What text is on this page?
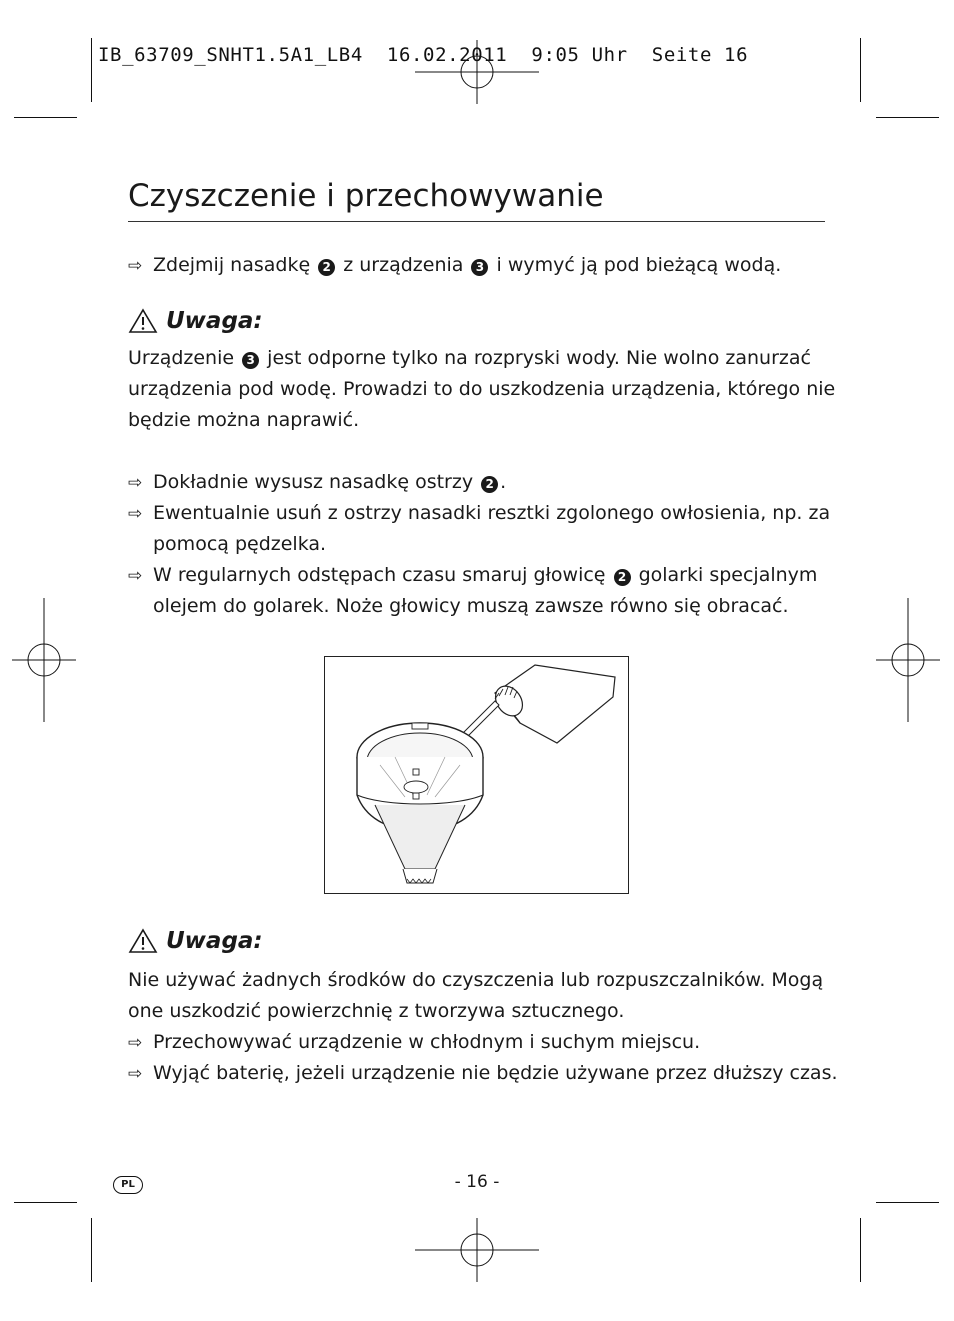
IB_63709_SNHT1.5A1_LB4  16.02.2011  9:05 Uhr  Seite 16
Czyszczenie i przechowywanie
⇨ Zdejmij nasadkę 2 z urządzenia 3 i wymyć ją pod bieżącą wodą.
Uwaga:
Urządzenie 3 jest odporne tylko na rozpryski wody. Nie wolno zanurzać
urządzenia pod wodę. Prowadzi to do uszkodzenia urządzenia, którego nie
będzie można naprawić.
⇨ Dokładnie wysusz nasadkę ostrzy 2 .
⇨ Ewentualnie usuń z ostrzy nasadki resztki zgolonego owłosienia, np. za
pomocą pędzelka.
⇨ W regularnych odstępach czasu smaruj głowicę 2 golarki specjalnym
olejem do golarek. Noże głowicy muszą zawsze równo się obracać.
Uwaga:
Nie używać żadnych środków do czyszczenia lub rozpuszczalników. Mogą
one uszkodzić powierzchnię z tworzywa sztucznego.
⇨ Przechowywać urządzenie w chłodnym i suchym miejscu.
⇨ Wyjąć baterię, jeżeli urządzenie nie będzie używane przez dłuższy czas.
PL	- 16 -
